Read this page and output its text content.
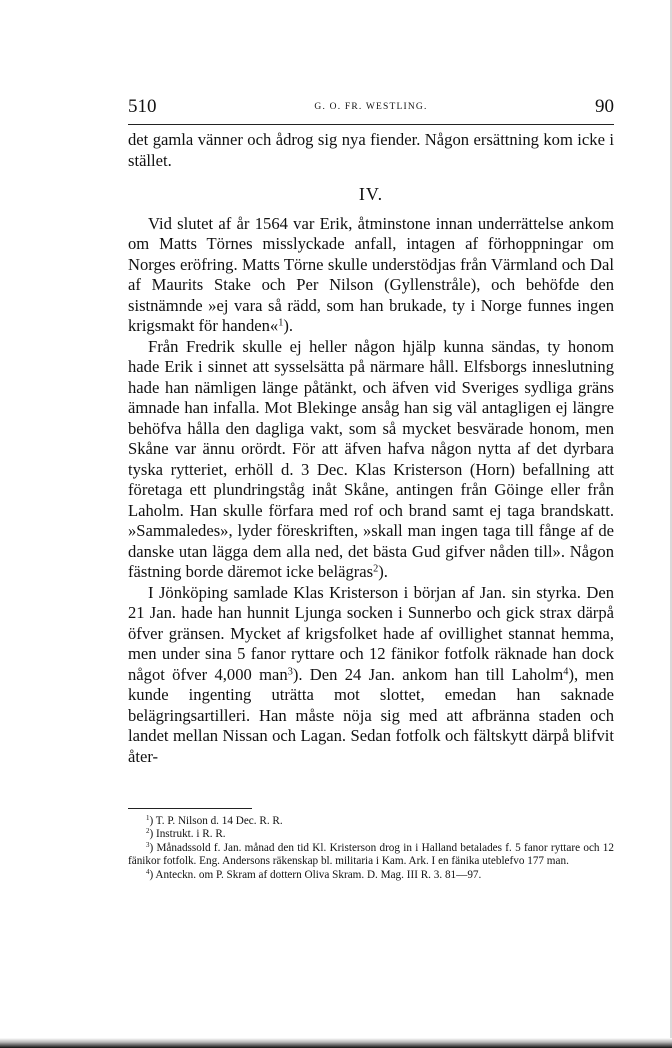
510	G. O. FR. WESTLING.	90

det gamla vänner och ådrog sig nya fiender. Någon ersättning kom icke i stället.

IV.

Vid slutet af år 1564 var Erik, åtminstone innan underrättelse ankom om Matts Törnes misslyckade anfall, intagen af förhoppningar om Norges eröfring. Matts Törne skulle understödjas från Värmland och Dal af Maurits Stake och Per Nilson (Gyllenstråle), och behöfde den sistnämnde »ej vara så rädd, som han brukade, ty i Norge funnes ingen krigsmakt för handen«$^1$).

Från Fredrik skulle ej heller någon hjälp kunna sändas, ty honom hade Erik i sinnet att sysselsätta på närmare håll. Elfsborgs inneslutning hade han nämligen länge påtänkt, och äfven vid Sveriges sydliga gräns ämnade han infalla. Mot Blekinge ansåg han sig väl antagligen ej längre behöfva hålla den dagliga vakt, som så mycket besvärade honom, men Skåne var ännu orördt. För att äfven hafva någon nytta af det dyrbara tyska rytteriet, erhöll d. 3 Dec. Klas Kristerson (Horn) befallning att företaga ett plundringståg inåt Skåne, antingen från Göinge eller från Laholm. Han skulle förfara med rof och brand samt ej taga brandskatt. »Sammaledes», lyder föreskriften, »skall man ingen taga till fånge af de danske utan lägga dem alla ned, det bästa Gud gifver nåden till». Någon fästning borde däremot icke belägras$^2$).

I Jönköping samlade Klas Kristerson i början af Jan. sin styrka. Den 21 Jan. hade han hunnit Ljunga socken i Sunnerbo och gick strax därpå öfver gränsen. Mycket af krigsfolket hade af ovillighet stannat hemma, men under sina 5 fanor ryttare och 12 fänikor fotfolk räknade han dock något öfver 4,000 man$^3$). Den 24 Jan. ankom han till Laholm$^4$), men kunde ingenting uträtta mot slottet, emedan han saknade belägringsartilleri. Han måste nöja sig med att afbränna staden och landet mellan Nissan och Lagan. Sedan fotfolk och fältskytt därpå blifvit åter-

$^1$) T. P. Nilson d. 14 Dec. R. R.

$^2$) Instrukt. i R. R.

$^3$) Månadssold f. Jan. månad den tid Kl. Kristerson drog in i Halland betalades f. 5 fanor ryttare och 12 fänikor fotfolk. Eng. Andersons räkenskap bl. militaria i Kam. Ark. I en fänika uteblefvo 177 man.

$^4$) Anteckn. om P. Skram af dottern Oliva Skram. D. Mag. III R. 3. 81—97.
